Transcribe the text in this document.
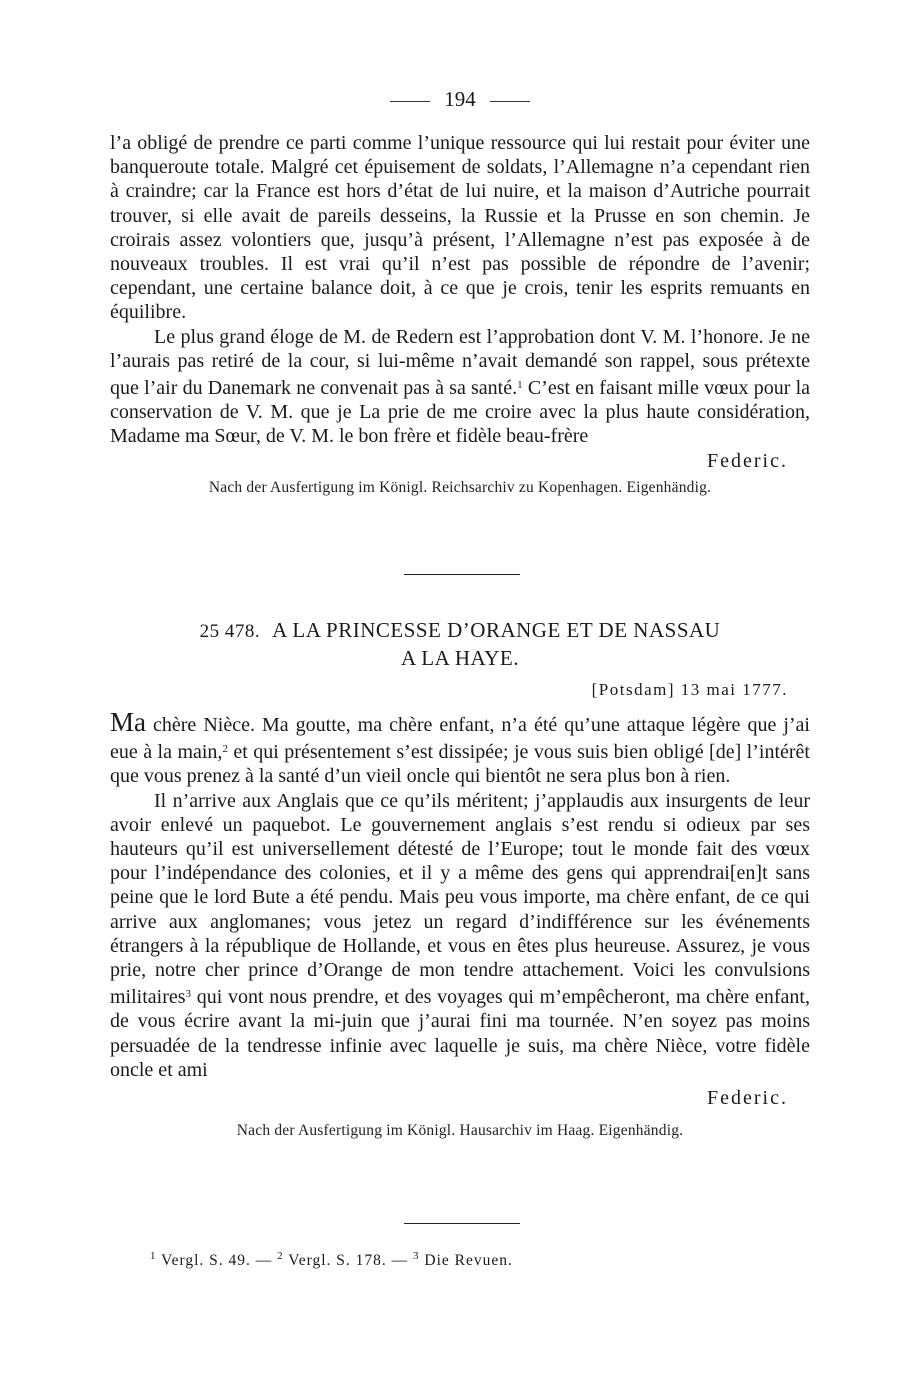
194

l’a obligé de prendre ce parti comme l’unique ressource qui lui restait pour éviter une banqueroute totale. Malgré cet épuisement de soldats, l’Allemagne n’a cependant rien à craindre; car la France est hors d’état de lui nuire, et la maison d’Autriche pourrait trouver, si elle avait de pareils desseins, la Russie et la Prusse en son chemin. Je croirais assez volontiers que, jusqu’à présent, l’Allemagne n’est pas exposée à de nouveaux troubles. Il est vrai qu’il n’est pas possible de répondre de l’avenir; cependant, une certaine balance doit, à ce que je crois, tenir les esprits remuants en équilibre.

Le plus grand éloge de M. de Redern est l’approbation dont V. M. l’honore. Je ne l’aurais pas retiré de la cour, si lui-même n’avait demandé son rappel, sous prétexte que l’air du Danemark ne convenait pas à sa santé.$^1$ C’est en faisant mille vœux pour la conservation de V. M. que je La prie de me croire avec la plus haute considération, Madame ma Sœur, de V. M. le bon frère et fidèle beau-frère

Federic.
Nach der Ausfertigung im Königl. Reichsarchiv zu Kopenhagen. Eigenhändig.
25 478. A LA PRINCESSE D’ORANGE ET DE NASSAU
A LA HAYE.
[Potsdam] 13 mai 1777.

Ma chère Nièce. Ma goutte, ma chère enfant, n’a été qu’une attaque légère que j’ai eue à la main,$^2$ et qui présentement s’est dissipée; je vous suis bien obligé [de] l’intérêt que vous prenez à la santé d’un vieil oncle qui bientôt ne sera plus bon à rien.

Il n’arrive aux Anglais que ce qu’ils méritent; j’applaudis aux insurgents de leur avoir enlevé un paquebot. Le gouvernement anglais s’est rendu si odieux par ses hauteurs qu’il est universellement détesté de l’Europe; tout le monde fait des vœux pour l’indépendance des colonies, et il y a même des gens qui apprendrai[en]t sans peine que le lord Bute a été pendu. Mais peu vous importe, ma chère enfant, de ce qui arrive aux anglomanes; vous jetez un regard d’indifférence sur les événements étrangers à la république de Hollande, et vous en êtes plus heureuse. Assurez, je vous prie, notre cher prince d’Orange de mon tendre attachement. Voici les convulsions militaires$^3$ qui vont nous prendre, et des voyages qui m’empêcheront, ma chère enfant, de vous écrire avant la mi-juin que j’aurai fini ma tournée. N’en soyez pas moins persuadée de la tendresse infinie avec laquelle je suis, ma chère Nièce, votre fidèle oncle et ami

Federic.
Nach der Ausfertigung im Königl. Hausarchiv im Haag. Eigenhändig.
$^1$ Vergl. S. 49. — $^2$ Vergl. S. 178. — $^3$ Die Revuen.
